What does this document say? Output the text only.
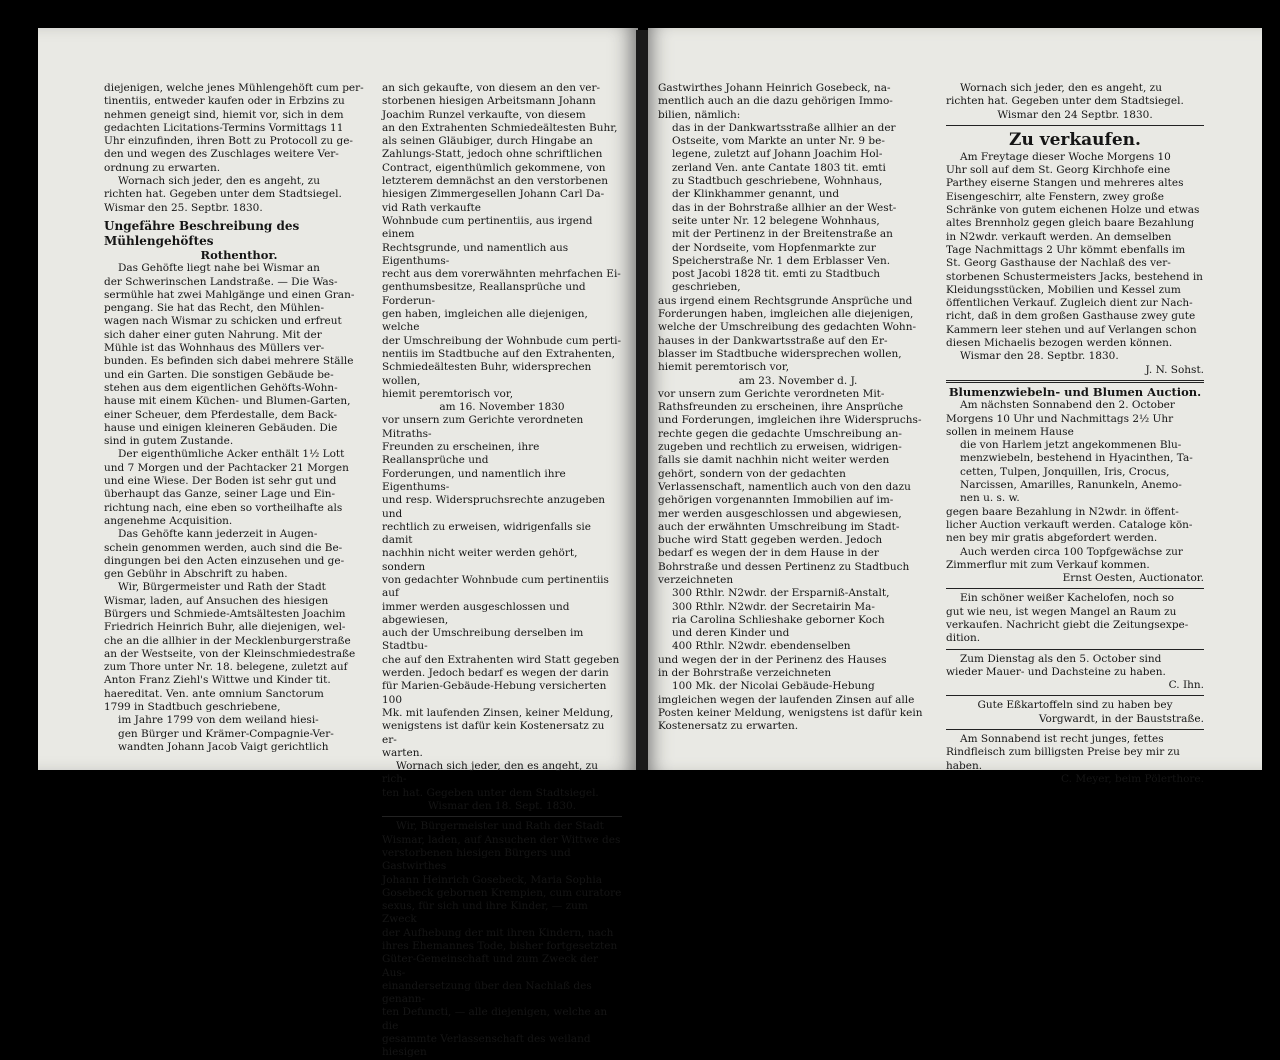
diejenigen, welche jenes Mühlengehöft cum per-

tinentiis, entweder kaufen oder in Erbzins zu

nehmen geneigt sind, hiemit vor, sich in dem

gedachten Licitations-Termins Vormittags 11

Uhr einzufinden, ihren Bott zu Protocoll zu ge-

den und wegen des Zuschlages weitere Ver-

ordnung zu erwarten.

Wornach sich jeder, den es angeht, zu

richten hat. Gegeben unter dem Stadtsiegel.

Wismar den 25. Septbr. 1830.

Ungefähre Beschreibung des Mühlengehöftes

Rothenthor.

Das Gehöfte liegt nahe bei Wismar an

der Schwerinschen Landstraße. — Die Was-

sermühle hat zwei Mahlgänge und einen Gran-

pengang. Sie hat das Recht, den Mühlen-

wagen nach Wismar zu schicken und erfreut

sich daher einer guten Nahrung. Mit der

Mühle ist das Wohnhaus des Müllers ver-

bunden. Es befinden sich dabei mehrere Ställe

und ein Garten. Die sonstigen Gebäude be-

stehen aus dem eigentlichen Gehöfts-Wohn-

hause mit einem Küchen- und Blumen-Garten,

einer Scheuer, dem Pferdestalle, dem Back-

hause und einigen kleineren Gebäuden. Die

sind in gutem Zustande.

Der eigenthümliche Acker enthält 1½ Lott

und 7 Morgen und der Pachtacker 21 Morgen

und eine Wiese. Der Boden ist sehr gut und

überhaupt das Ganze, seiner Lage und Ein-

richtung nach, eine eben so vortheilhafte als

angenehme Acquisition.

Das Gehöfte kann jederzeit in Augen-

schein genommen werden, auch sind die Be-

dingungen bei den Acten einzusehen und ge-

gen Gebühr in Abschrift zu haben.

Wir, Bürgermeister und Rath der Stadt

Wismar, laden, auf Ansuchen des hiesigen

Bürgers und Schmiede-Amtsältesten Joachim

Friedrich Heinrich Buhr, alle diejenigen, wel-

che an die allhier in der Mecklenburgerstraße

an der Westseite, von der Kleinschmiedestraße

zum Thore unter Nr. 18. belegene, zuletzt auf

Anton Franz Ziehl's Wittwe und Kinder tit.

haereditat. Ven. ante omnium Sanctorum

1799 in Stadtbuch geschriebene,

im Jahre 1799 von dem weiland hiesi-

gen Bürger und Krämer-Compagnie-Ver-

wandten Johann Jacob Vaigt gerichtlich

an sich gekaufte, von diesem an den ver-

storbenen hiesigen Arbeitsmann Johann

Joachim Runzel verkaufte, von diesem

an den Extrahenten Schmiedeältesten Buhr,

als seinen Gläubiger, durch Hingabe an

Zahlungs-Statt, jedoch ohne schriftlichen

Contract, eigenthümlich gekommene, von

letzterem demnächst an den verstorbenen

hiesigen Zimmergesellen Johann Carl Da-

vid Rath verkaufte

Wohnbude cum pertinentiis, aus irgend einem

Rechtsgrunde, und namentlich aus Eigenthums-

recht aus dem vorerwähnten mehrfachen Ei-

genthumsbesitze, Reallansprüche und Forderun-

gen haben, imgleichen alle diejenigen, welche

der Umschreibung der Wohnbude cum perti-

nentiis im Stadtbuche auf den Extrahenten,

Schmiedeältesten Buhr, widersprechen wollen,

hiemit peremtorisch vor,

am 16. November 1830

vor unsern zum Gerichte verordneten Mitraths-

Freunden zu erscheinen, ihre Reallansprüche und

Forderungen, und namentlich ihre Eigenthums-

und resp. Widerspruchsrechte anzugeben und

rechtlich zu erweisen, widrigenfalls sie damit

nachhin nicht weiter werden gehört, sondern

von gedachter Wohnbude cum pertinentiis auf

immer werden ausgeschlossen und abgewiesen,

auch der Umschreibung derselben im Stadtbu-

che auf den Extrahenten wird Statt gegeben

werden. Jedoch bedarf es wegen der darin

für Marien-Gebäude-Hebung versicherten 100

Mk. mit laufenden Zinsen, keiner Meldung,

wenigstens ist dafür kein Kostenersatz zu er-

warten.

Wornach sich jeder, den es angeht, zu rich-

ten hat. Gegeben unter dem Stadtsiegel.

Wismar den 18. Sept. 1830.

Wir, Bürgermeister und Rath der Stadt

Wismar, laden, auf Ansuchen der Wittwe des

verstorbenen hiesigen Bürgers und Gastwirthes

Johann Heinrich Gosebeck, Maria Sophia

Gosebeck gebornen Krempien, cum curatore

sexus, für sich und ihre Kinder, — zum Zweck

der Aufhebung der mit ihren Kindern, nach

ihres Ehemannes Tode, bisher fortgesetzten

Güter-Gemeinschaft und zum Zweck der Aus-

einandersetzung über den Nachlaß des genann-

ten Defuncti, — alle diejenigen, welche an die

gesammte Verlassenschaft des weiland hiesigen

Gastwirthes Johann Heinrich Gosebeck, na-

mentlich auch an die dazu gehörigen Immo-

bilien, nämlich:

das in der Dankwartsstraße allhier an der

Ostseite, vom Markte an unter Nr. 9 be-

legene, zuletzt auf Johann Joachim Hol-

zerland Ven. ante Cantate 1803 tit. emti

zu Stadtbuch geschriebene, Wohnhaus,

der Klinkhammer genannt, und

das in der Bohrstraße allhier an der West-

seite unter Nr. 12 belegene Wohnhaus,

mit der Pertinenz in der Breitenstraße an

der Nordseite, vom Hopfenmarkte zur

Speicherstraße Nr. 1 dem Erblasser Ven.

post Jacobi 1828 tit. emti zu Stadtbuch

geschrieben,

aus irgend einem Rechtsgrunde Ansprüche und

Forderungen haben, imgleichen alle diejenigen,

welche der Umschreibung des gedachten Wohn-

hauses in der Dankwartsstraße auf den Er-

blasser im Stadtbuche widersprechen wollen,

hiemit peremtorisch vor,

am 23. November d. J.

vor unsern zum Gerichte verordneten Mit-

Rathsfreunden zu erscheinen, ihre Ansprüche

und Forderungen, imgleichen ihre Widerspruchs-

rechte gegen die gedachte Umschreibung an-

zugeben und rechtlich zu erweisen, widrigen-

falls sie damit nachhin nicht weiter werden

gehört, sondern von der gedachten

Verlassenschaft, namentlich auch von den dazu

gehörigen vorgenannten Immobilien auf im-

mer werden ausgeschlossen und abgewiesen,

auch der erwähnten Umschreibung im Stadt-

buche wird Statt gegeben werden. Jedoch

bedarf es wegen der in dem Hause in der

Bohrstraße und dessen Pertinenz zu Stadtbuch

verzeichneten

300 Rthlr. N2wdr. der Ersparniß-Anstalt,

300 Rthlr. N2wdr. der Secretairin Ma-

ria Carolina Schlieshake geborner Koch

und deren Kinder und

400 Rthlr. N2wdr. ebendenselben

und wegen der in der Perinenz des Hauses

in der Bohrstraße verzeichneten

100 Mk. der Nicolai Gebäude-Hebung

imgleichen wegen der laufenden Zinsen auf alle

Posten keiner Meldung, wenigstens ist dafür kein

Kostenersatz zu erwarten.

Wornach sich jeder, den es angeht, zu

richten hat. Gegeben unter dem Stadtsiegel.

Wismar den 24 Septbr. 1830.

Zu verkaufen.

Am Freytage dieser Woche Morgens 10

Uhr soll auf dem St. Georg Kirchhofe eine

Parthey eiserne Stangen und mehreres altes

Eisengeschirr, alte Fenstern, zwey große

Schränke von gutem eichenen Holze und etwas

altes Brennholz gegen gleich baare Bezahlung

in N2wdr. verkauft werden. An demselben

Tage Nachmittags 2 Uhr kömmt ebenfalls im

St. Georg Gasthause der Nachlaß des ver-

storbenen Schustermeisters Jacks, bestehend in

Kleidungsstücken, Mobilien und Kessel zum

öffentlichen Verkauf. Zugleich dient zur Nach-

richt, daß in dem großen Gasthause zwey gute

Kammern leer stehen und auf Verlangen schon

diesen Michaelis bezogen werden können.

Wismar den 28. Septbr. 1830.

J. N. Sohst.

Blumenzwiebeln- und Blumen Auction.

Am nächsten Sonnabend den 2. October

Morgens 10 Uhr und Nachmittags 2½ Uhr

sollen in meinem Hause

die von Harlem jetzt angekommenen Blu-

menzwiebeln, bestehend in Hyacinthen, Ta-

cetten, Tulpen, Jonquillen, Iris, Crocus,

Narcissen, Amarilles, Ranunkeln, Anemo-

nen u. s. w.

gegen baare Bezahlung in N2wdr. in öffent-

licher Auction verkauft werden. Cataloge kön-

nen bey mir gratis abgefordert werden.

Auch werden circa 100 Topfgewächse zur

Zimmerflur mit zum Verkauf kommen.

Ernst Oesten, Auctionator.

Ein schöner weißer Kachelofen, noch so

gut wie neu, ist wegen Mangel an Raum zu

verkaufen. Nachricht giebt die Zeitungsexpe-

dition.

Zum Dienstag als den 5. October sind

wieder Mauer- und Dachsteine zu haben.

C. Ihn.

Gute Eßkartoffeln sind zu haben bey

Vorgwardt, in der Bauststraße.

Am Sonnabend ist recht junges, fettes

Rindfleisch zum billigsten Preise bey mir zu haben.

C. Meyer, beim Pölerthore.
